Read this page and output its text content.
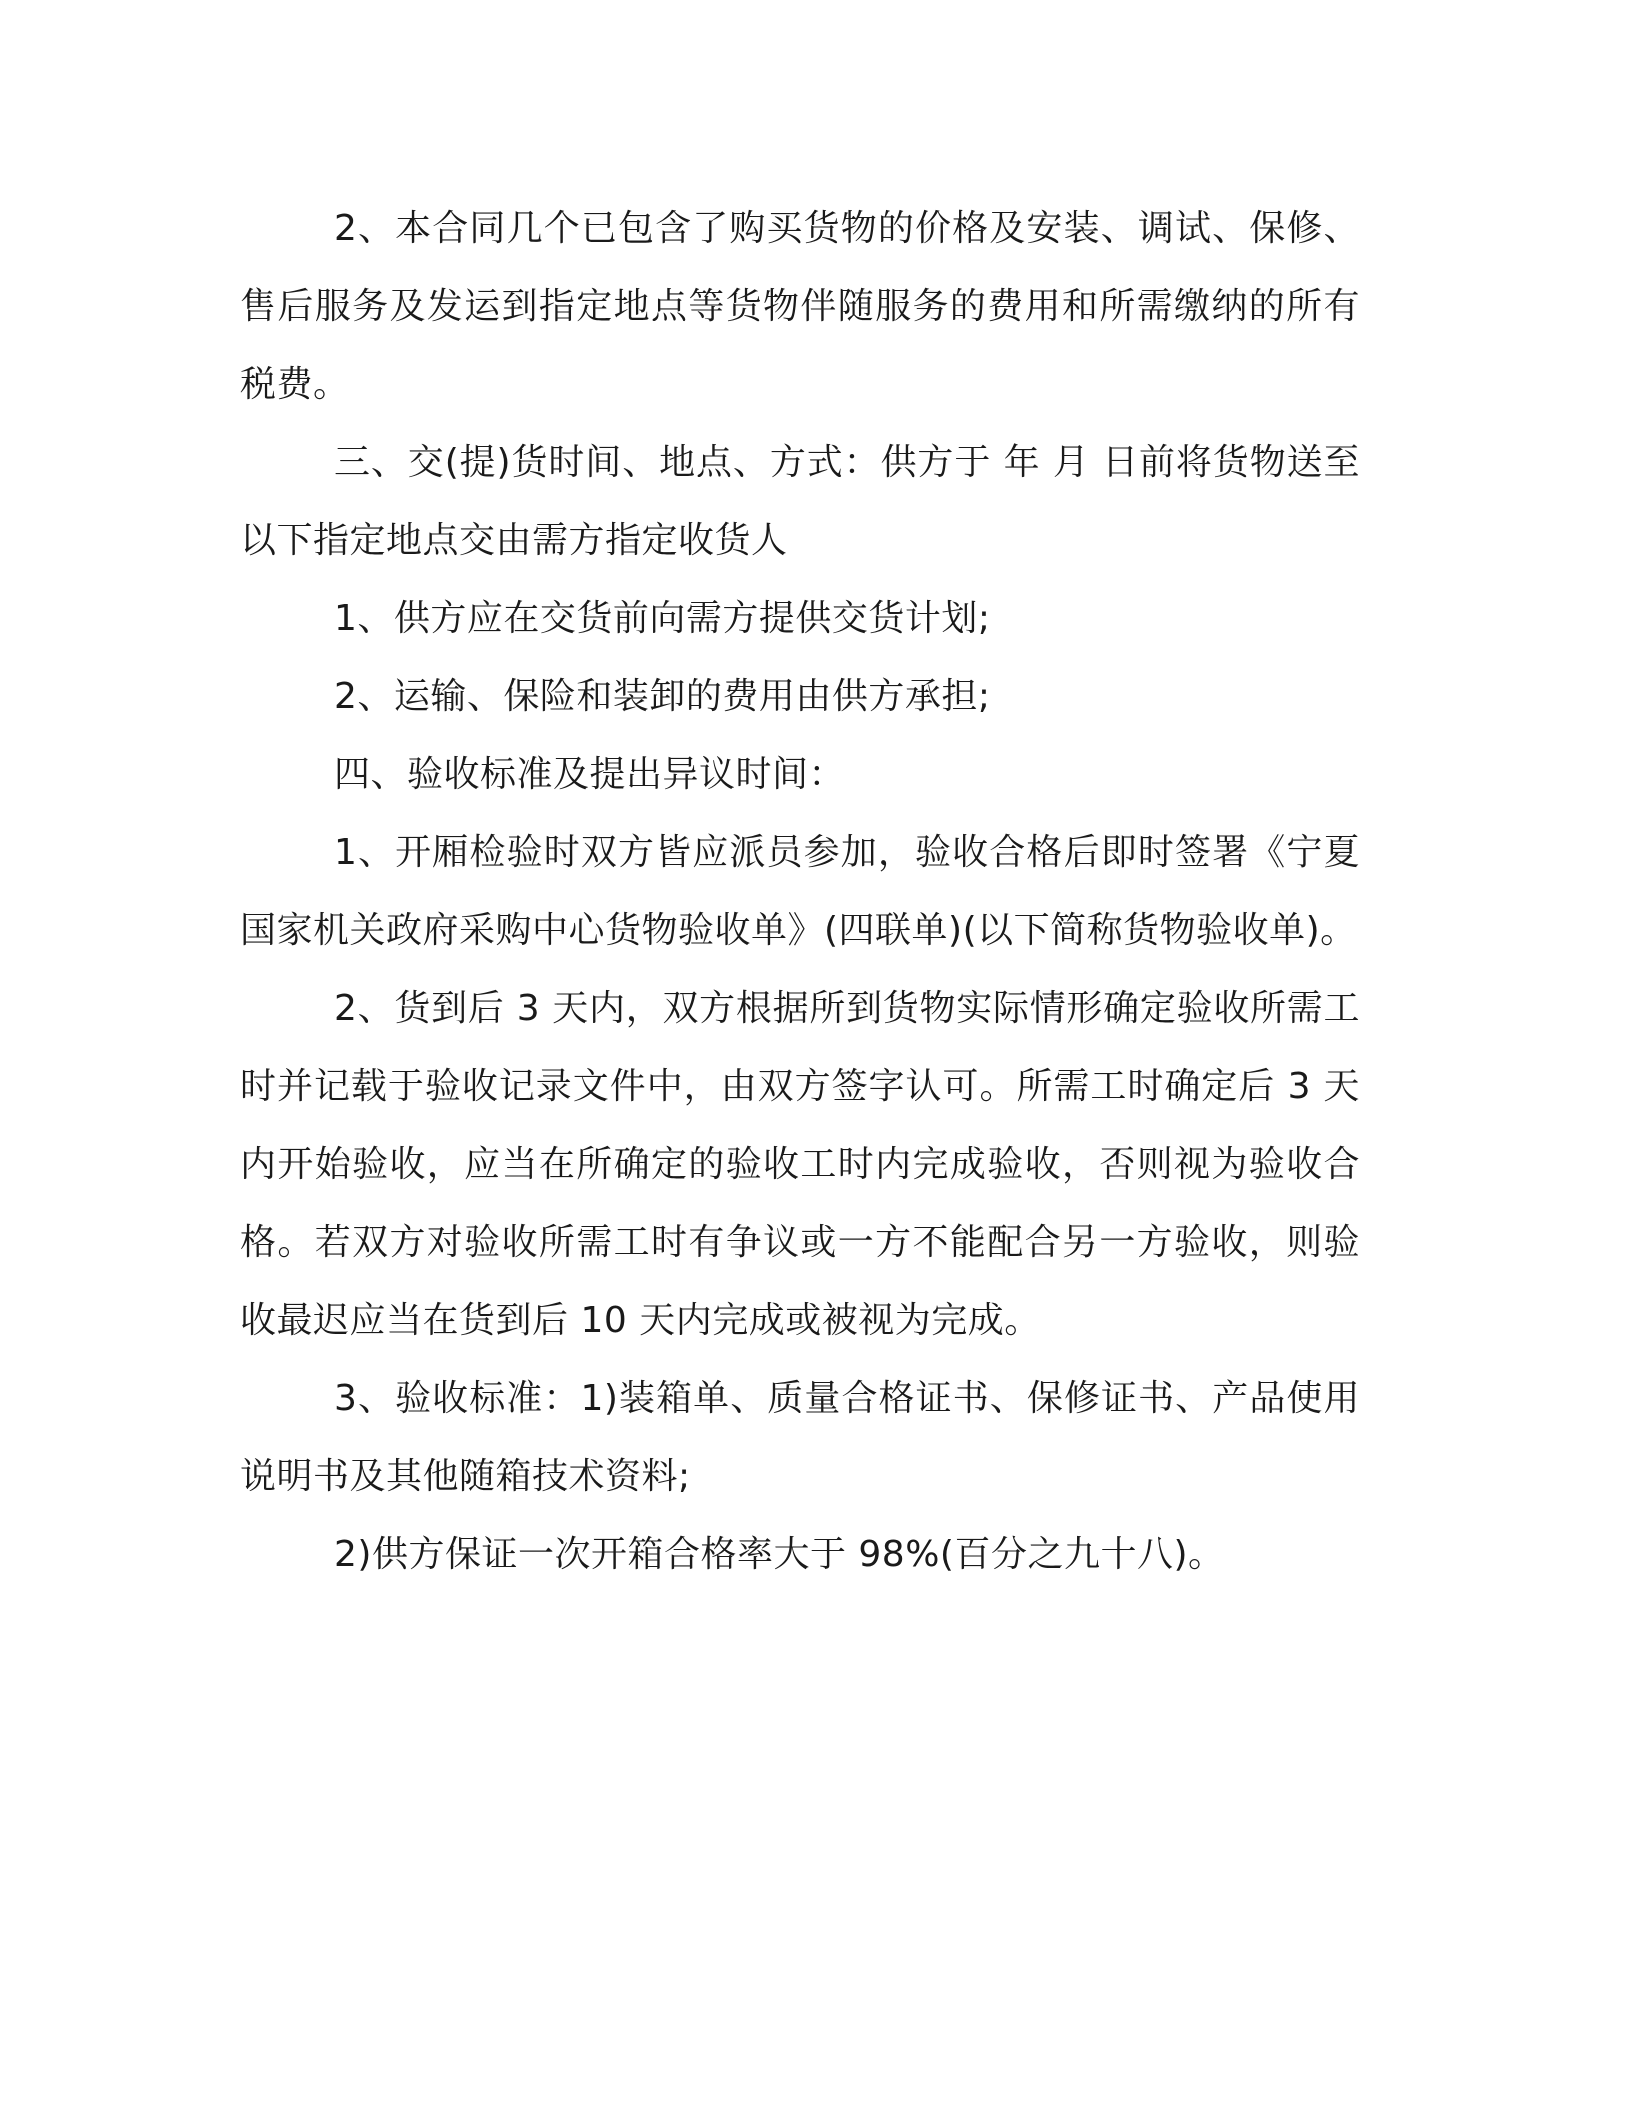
2、本合同几个已包含了购买货物的价格及安装、调试、保修、售后服务及发运到指定地点等货物伴随服务的费用和所需缴纳的所有税费。

三、交(提)货时间、地点、方式：供方于 年 月 日前将货物送至以下指定地点交由需方指定收货人

1、供方应在交货前向需方提供交货计划;

2、运输、保险和装卸的费用由供方承担;

四、验收标准及提出异议时间：

1、开厢检验时双方皆应派员参加，验收合格后即时签署《宁夏国家机关政府采购中心货物验收单》(四联单)(以下简称货物验收单)。

2、货到后 3 天内，双方根据所到货物实际情形确定验收所需工时并记载于验收记录文件中，由双方签字认可。所需工时确定后 3 天内开始验收，应当在所确定的验收工时内完成验收，否则视为验收合格。若双方对验收所需工时有争议或一方不能配合另一方验收，则验收最迟应当在货到后 10 天内完成或被视为完成。

3、验收标准：1)装箱单、质量合格证书、保修证书、产品使用说明书及其他随箱技术资料;

2)供方保证一次开箱合格率大于 98%(百分之九十八)。
